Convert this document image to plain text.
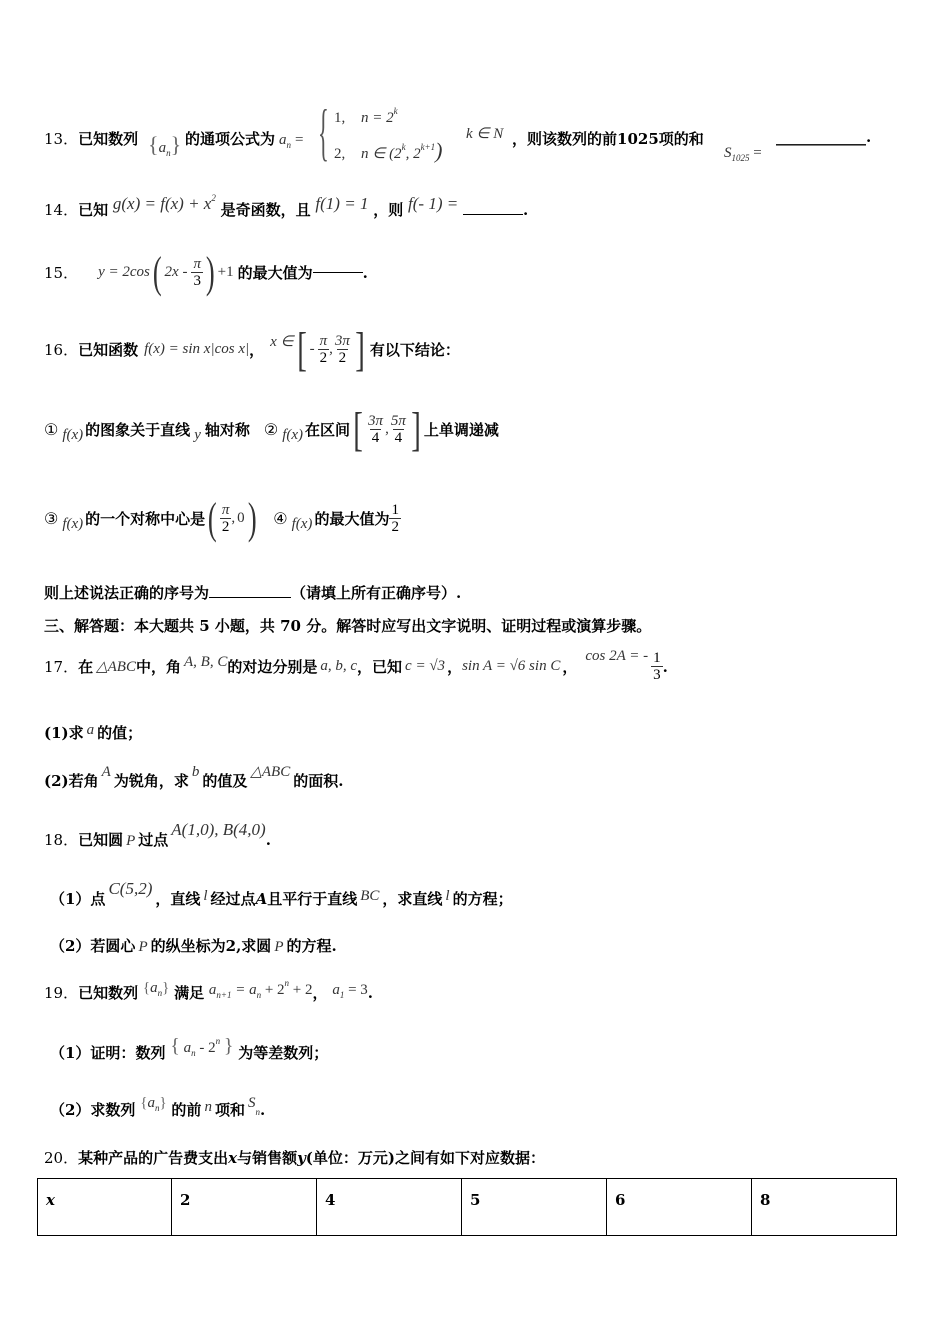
13．已知数列 $\{a_n\}$ 的通项公式为 $a_n$ = { 1, $n = 2^k$
2, n ∈ (2$^k$, $2^{k+1}$)
k ∈ N ，则该数列的前1025项的和
$S_{1025}$ =
____________.
14．已知 $g(x) = f(x) + x^2$ 是奇函数，且 f(1) = 1 ，则 f(- 1) =	.
15． y = 2cos ( $2x - \frac{\pi}{3}$ ) +1 的最大值为	.
16． 已知函数 f(x) = sin x|cos x| ， x ∈ [ - $\frac{\pi}{2}$ , $\frac{3\pi}{2}$ ] 有以下结论：
① f(x) 的图象关于直线 y 轴对称 ② f(x) 在区间 [ $\frac{3\pi}{4}$ , $\frac{5\pi}{4}$ ] 上单调递减
③ f(x) 的一个对称中心是 ( $\frac{\pi}{2}$ , 0 ) ④ f(x) 的最大值为 $\frac{1}{2}$
则上述说法正确的序号为	（请填上所有正确序号）.
三、解答题：本大题共 5 小题，共 70 分。解答时应写出文字说明、证明过程或演算步骤。
17． 在 △ABC 中，角 A, B, C 的对边分别是 a, b, c ，已知 c = √3 ， sin A = √6 sin C ，
cos 2A = - $\frac{1}{3}$ .
(1)求 a 的值；
(2)若角 A 为锐角，求 b 的值及 △ABC 的面积.
18．已知圆 P 过点A(1,0), B(4,0).
（1）点C(5,2)，直线 l 经过点A且平行于直线 BC ，求直线 l 的方程；
（2）若圆心 P 的纵坐标为2,求圆 P 的方程.
19．已知数列 $\{a_n\}$ 满足 $a_{n+1} = a_n + 2^n + 2$， $a_1 = 3$.
（1）证明：数列 { $a_n - 2^n$ } 为等差数列；
（2）求数列 $\{a_n\}$ 的前 n 项和 $S_n$.
20．某种产品的广告费支出x与销售额y(单位：万元)之间有如下对应数据：
x	2	4	5	6	8
